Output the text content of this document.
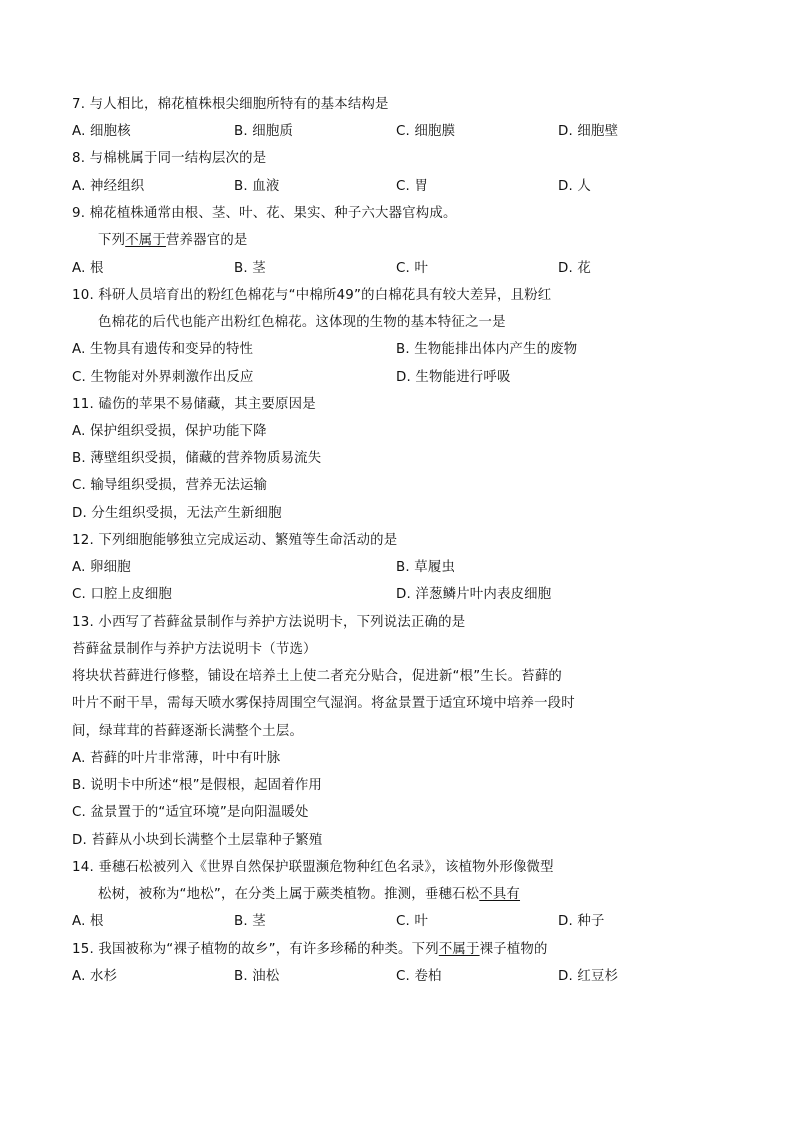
7. 与人相比，棉花植株根尖细胞所特有的基本结构是
A. 细胞核	B. 细胞质	C. 细胞膜	D. 细胞壁
8. 与棉桃属于同一结构层次的是
A. 神经组织	B. 血液	C. 胃	D. 人
9. 棉花植株通常由根、茎、叶、花、果实、种子六大器官构成。
下列不属于营养器官的是
A. 根	B. 茎	C. 叶	D. 花
10. 科研人员培育出的粉红色棉花与“中棉所49”的白棉花具有较大差异，且粉红
色棉花的后代也能产出粉红色棉花。这体现的生物的基本特征之一是
A. 生物具有遗传和变异的特性	B. 生物能排出体内产生的废物
C. 生物能对外界刺激作出反应	D. 生物能进行呼吸
11. 磕伤的苹果不易储藏，其主要原因是
A. 保护组织受损，保护功能下降
B. 薄壁组织受损，储藏的营养物质易流失
C. 输导组织受损，营养无法运输
D. 分生组织受损，无法产生新细胞
12. 下列细胞能够独立完成运动、繁殖等生命活动的是
A. 卵细胞	B. 草履虫
C. 口腔上皮细胞	D. 洋葱鳞片叶内表皮细胞
13. 小西写了苔藓盆景制作与养护方法说明卡，下列说法正确的是
苔藓盆景制作与养护方法说明卡（节选）
将块状苔藓进行修整，铺设在培养土上使二者充分贴合，促进新“根”生长。苔藓的
叶片不耐干旱，需每天喷水雾保持周围空气湿润。将盆景置于适宜环境中培养一段时
间，绿茸茸的苔藓逐渐长满整个土层。
A. 苔藓的叶片非常薄，叶中有叶脉
B. 说明卡中所述“根”是假根，起固着作用
C. 盆景置于的“适宜环境”是向阳温暖处
D. 苔藓从小块到长满整个土层靠种子繁殖
14. 垂穗石松被列入《世界自然保护联盟濒危物种红色名录》，该植物外形像微型
松树，被称为“地松”，在分类上属于蕨类植物。推测，垂穗石松不具有
A. 根	B. 茎	C. 叶	D. 种子
15. 我国被称为“裸子植物的故乡”，有许多珍稀的种类。下列不属于裸子植物的
A. 水杉	B. 油松	C. 卷柏	D. 红豆杉
